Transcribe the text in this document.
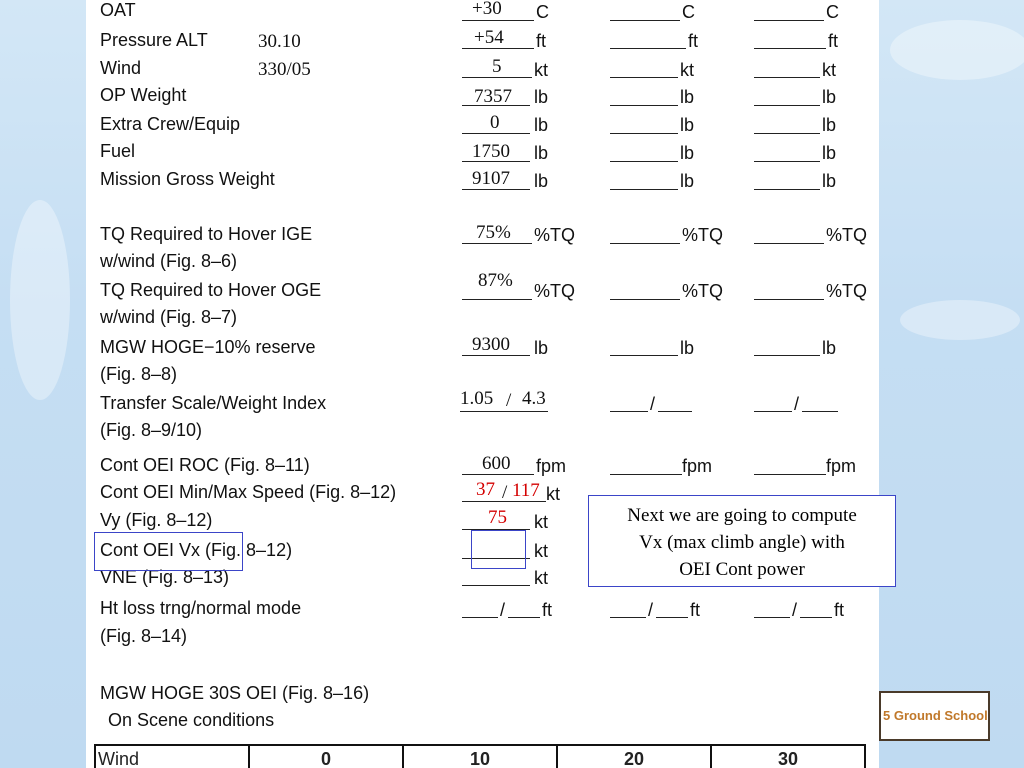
OAT	+30 C	C	C
Pressure ALT	30.10	+54 ft	ft	ft
Wind	330/05	5 kt	kt	kt
OP Weight	7357 lb	lb	lb
Extra Crew/Equip	0 lb	lb	lb
Fuel	1750 lb	lb	lb
Mission Gross Weight	9107 lb	lb	lb
TQ Required to Hover IGE
w/wind (Fig. 8–6)
75% %TQ	%TQ	%TQ
TQ Required to Hover OGE
w/wind (Fig. 8–7)
87% %TQ	%TQ	%TQ
MGW HOGE−10% reserve
(Fig. 8–8)
9300 lb	lb	lb
Transfer Scale/Weight Index
(Fig. 8–9/10)
1.05 / 4.3	/	/
Cont OEI ROC (Fig. 8–11)	600 fpm	fpm	fpm
Cont OEI Min/Max Speed (Fig. 8–12)	37 / 117 kt
Vy (Fig. 8–12)	75 kt
Cont OEI Vx (Fig. 8–12)	kt
VNE (Fig. 8–13)	kt
Ht loss trng/normal mode
(Fig. 8–14)
/ ft	/ ft	/ ft
MGW HOGE 30S OEI (Fig. 8–16)
On Scene conditions
Wind	0	10	20	30
Next we are going to compute
Vx (max climb angle) with
OEI Cont power
5 Ground School
